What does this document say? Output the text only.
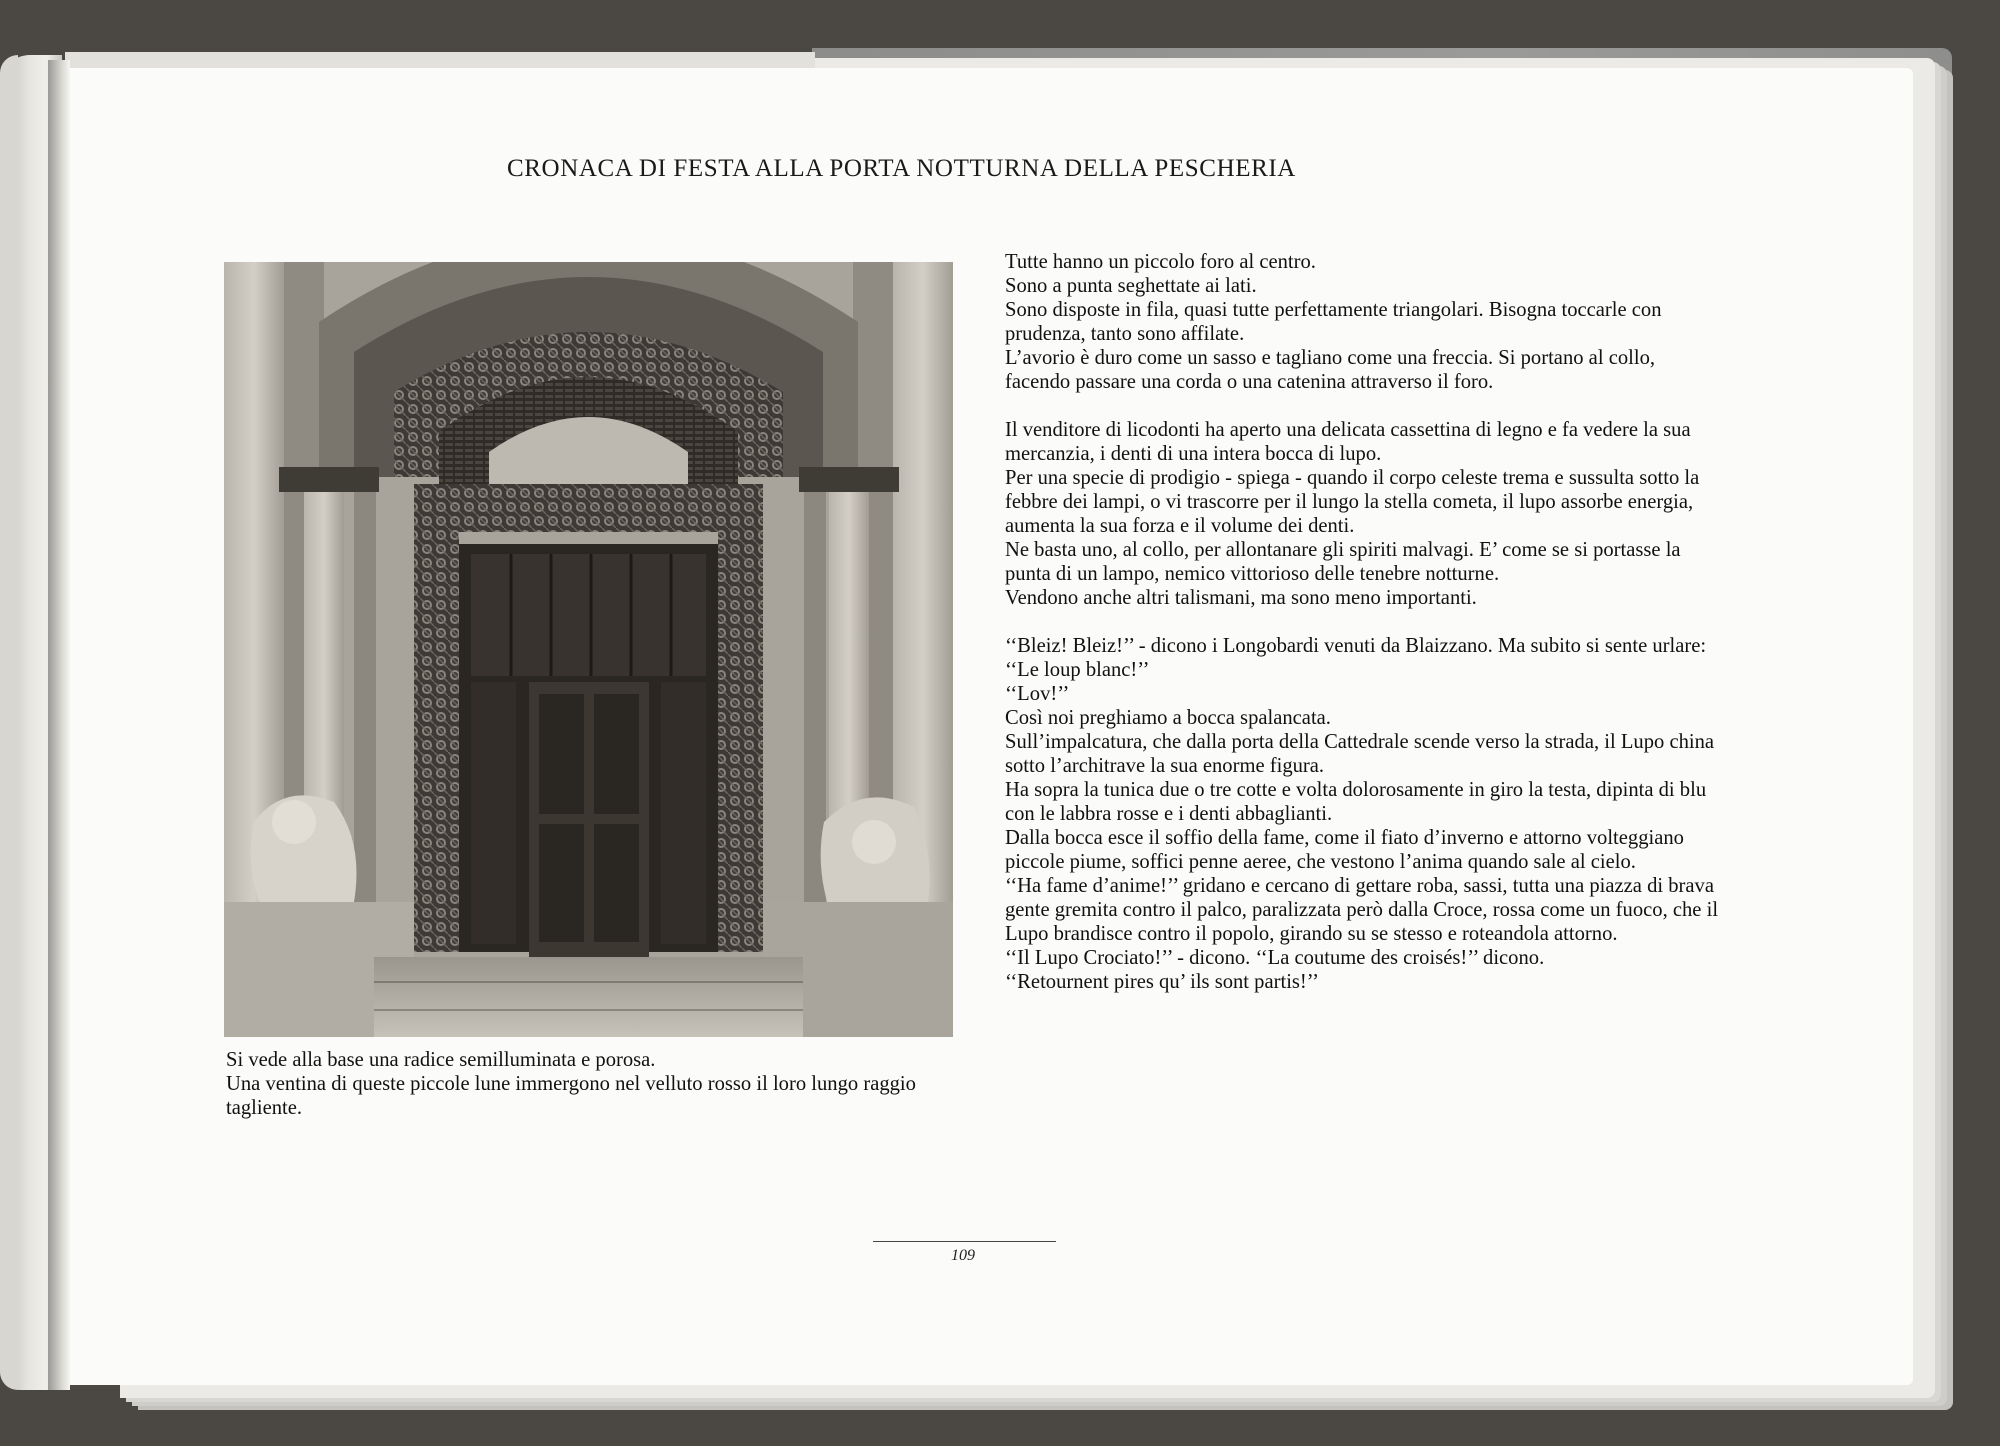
CRONACA DI FESTA ALLA PORTA NOTTURNA DELLA PESCHERIA

Si vede alla base una radice semilluminata e porosa.

Una ventina di queste piccole lune immergono nel velluto rosso il loro lungo raggio tagliente.

Tutte hanno un piccolo foro al centro.

Sono a punta seghettate ai lati.

Sono disposte in fila, quasi tutte perfettamente triangolari. Bisogna toccarle con prudenza, tanto sono affilate.

L’avorio è duro come un sasso e tagliano come una freccia. Si portano al collo, facendo passare una corda o una catenina attraverso il foro.

Il venditore di licodonti ha aperto una delicata cassettina di legno e fa vedere la sua mercanzia, i denti di una intera bocca di lupo.

Per una specie di prodigio - spiega - quando il corpo celeste trema e sussulta sotto la febbre dei lampi, o vi trascorre per il lungo la stella cometa, il lupo assorbe energia, aumenta la sua forza e il volume dei denti.

Ne basta uno, al collo, per allontanare gli spiriti malvagi. E’ come se si portasse la punta di un lampo, nemico vittorioso delle tenebre notturne.

Vendono anche altri talismani, ma sono meno importanti.

‘‘Bleiz! Bleiz!’’ - dicono i Longobardi venuti da Blaizzano. Ma subito si sente urlare: ‘‘Le loup blanc!’’

‘‘Lov!’’

Così noi preghiamo a bocca spalancata.

Sull’impalcatura, che dalla porta della Cattedrale scende verso la strada, il Lupo china sotto l’architrave la sua enorme figura.

Ha sopra la tunica due o tre cotte e volta dolorosamente in giro la testa, dipinta di blu con le labbra rosse e i denti abbaglianti.

Dalla bocca esce il soffio della fame, come il fiato d’inverno e attorno volteggiano piccole piume, soffici penne aeree, che vestono l’anima quando sale al cielo.

‘‘Ha fame d’anime!’’ gridano e cercano di gettare roba, sassi, tutta una piazza di brava gente gremita contro il palco, paralizzata però dalla Croce, rossa come un fuoco, che il Lupo brandisce contro il popolo, girando su se stesso e roteandola attorno.

‘‘Il Lupo Crociato!’’ - dicono. ‘‘La coutume des croisés!’’ dicono.

‘‘Retournent pires qu’ ils sont partis!’’

109
